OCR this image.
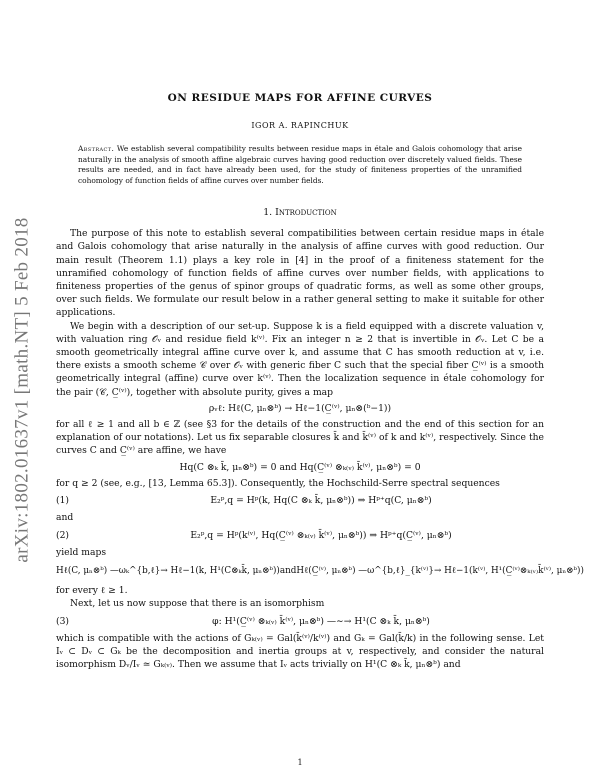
arXiv:1802.01637v1 [math.NT] 5 Feb 2018
ON RESIDUE MAPS FOR AFFINE CURVES
IGOR A. RAPINCHUK
Abstract. We establish several compatibility results between residue maps in étale and Galois cohomology that arise naturally in the analysis of smooth affine algebraic curves having good reduction over discretely valued fields. These results are needed, and in fact have already been used, for the study of finiteness properties of the unramified cohomology of function fields of affine curves over number fields.
1. Introduction

The purpose of this note to establish several compatibilities between certain residue maps in étale and Galois cohomology that arise naturally in the analysis of affine curves with good reduction. Our main result (Theorem 1.1) plays a key role in [4] in the proof of a finiteness statement for the unramified cohomology of function fields of affine curves over number fields, with applications to finiteness properties of the genus of spinor groups of quadratic forms, as well as some other groups, over such fields. We formulate our result below in a rather general setting to make it suitable for other applications.

We begin with a description of our set-up. Suppose k is a field equipped with a discrete valuation v, with valuation ring 𝒪ᵥ and residue field k⁽ᵛ⁾. Fix an integer n ≥ 2 that is invertible in 𝒪ᵥ. Let C be a smooth geometrically integral affine curve over k, and assume that C has smooth reduction at v, i.e. there exists a smooth scheme 𝒞 over 𝒪ᵥ with generic fiber C such that the special fiber C̲⁽ᵛ⁾ is a smooth geometrically integral (affine) curve over k⁽ᵛ⁾. Then the localization sequence in étale cohomology for the pair (𝒞, C̲⁽ᵛ⁾), together with absolute purity, gives a map

ρᵥℓ: Hℓ(C, μₙ⊗ᵇ) → Hℓ−1(C̲⁽ᵛ⁾, μₙ⊗(ᵇ−1))

for all ℓ ≥ 1 and all b ∈ ℤ (see §3 for the details of the construction and the end of this section for an explanation of our notations). Let us fix separable closures k̄ and k̄⁽ᵛ⁾ of k and k⁽ᵛ⁾, respectively. Since the curves C and C̲⁽ᵛ⁾ are affine, we have

Hq(C ⊗ₖ k̄, μₙ⊗ᵇ) = 0 and Hq(C̲⁽ᵛ⁾ ⊗ₖ₍ᵥ₎ k̄⁽ᵛ⁾, μₙ⊗ᵇ) = 0

for q ≥ 2 (see, e.g., [13, Lemma 65.3]). Consequently, the Hochschild-Serre spectral sequences

(1)	E₂ᵖ,q = Hᵖ(k, Hq(C ⊗ₖ k̄, μₙ⊗ᵇ)) ⇒ Hᵖ⁺q(C, μₙ⊗ᵇ)

and

(2)	E₂ᵖ,q = Hᵖ(k⁽ᵛ⁾, Hq(C̲⁽ᵛ⁾ ⊗ₖ₍ᵥ₎ k̄⁽ᵛ⁾, μₙ⊗ᵇ)) ⇒ Hᵖ⁺q(C̲⁽ᵛ⁾, μₙ⊗ᵇ)

yield maps

Hℓ(C, μₙ⊗ᵇ) —ωₖ^{b,ℓ}→ Hℓ−1(k, H¹(C⊗ₖk̄, μₙ⊗ᵇ)) and Hℓ(C̲⁽ᵛ⁾, μₙ⊗ᵇ) —ω^{b,ℓ}_{k⁽ᵛ⁾}→ Hℓ−1(k⁽ᵛ⁾, H¹(C̲⁽ᵛ⁾⊗ₖ₍ᵥ₎k̄⁽ᵛ⁾, μₙ⊗ᵇ))

for every ℓ ≥ 1.

Next, let us now suppose that there is an isomorphism

(3)	φ: H¹(C̲⁽ᵛ⁾ ⊗ₖ₍ᵥ₎ k̄⁽ᵛ⁾, μₙ⊗ᵇ) —∼→ H¹(C ⊗ₖ k̄, μₙ⊗ᵇ)

which is compatible with the actions of Gₖ₍ᵥ₎ = Gal(k̄⁽ᵛ⁾/k⁽ᵛ⁾) and Gₖ = Gal(k̄/k) in the following sense. Let Iᵥ ⊂ Dᵥ ⊂ Gₖ be the decomposition and inertia groups at v, respectively, and consider the natural isomorphism Dᵥ/Iᵥ ≃ Gₖ₍ᵥ₎. Then we assume that Iᵥ acts trivially on H¹(C ⊗ₖ k̄, μₙ⊗ᵇ) and

1
